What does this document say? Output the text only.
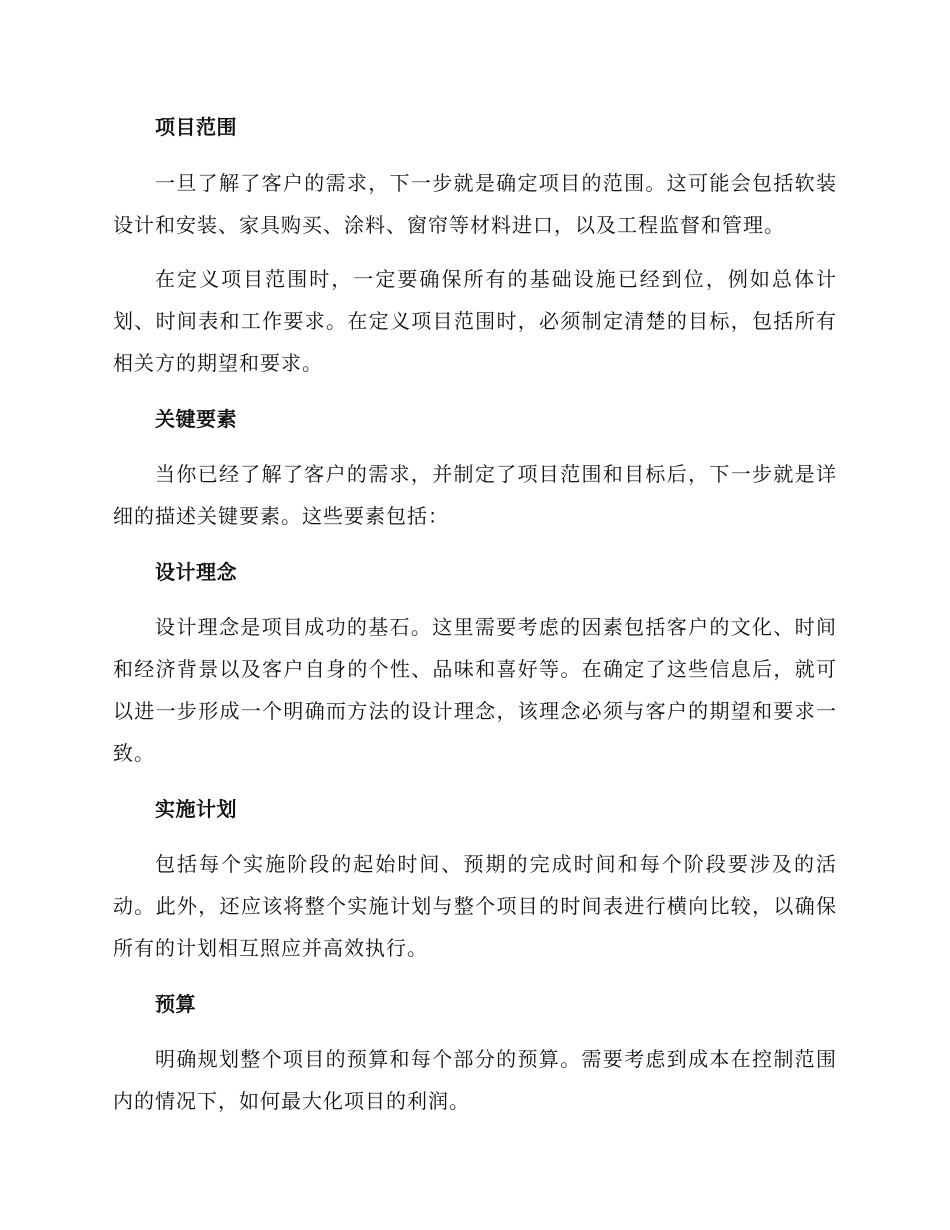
项目范围

一旦了解了客户的需求，下一步就是确定项目的范围。这可能会包括软装设计和安装、家具购买、涂料、窗帘等材料进口，以及工程监督和管理。

在定义项目范围时，一定要确保所有的基础设施已经到位，例如总体计划、时间表和工作要求。在定义项目范围时，必须制定清楚的目标，包括所有相关方的期望和要求。

关键要素

当你已经了解了客户的需求，并制定了项目范围和目标后，下一步就是详细的描述关键要素。这些要素包括：

设计理念

设计理念是项目成功的基石。这里需要考虑的因素包括客户的文化、时间和经济背景以及客户自身的个性、品味和喜好等。在确定了这些信息后，就可以进一步形成一个明确而方法的设计理念，该理念必须与客户的期望和要求一致。

实施计划

包括每个实施阶段的起始时间、预期的完成时间和每个阶段要涉及的活动。此外，还应该将整个实施计划与整个项目的时间表进行横向比较，以确保所有的计划相互照应并高效执行。

预算

明确规划整个项目的预算和每个部分的预算。需要考虑到成本在控制范围内的情况下，如何最大化项目的利润。
